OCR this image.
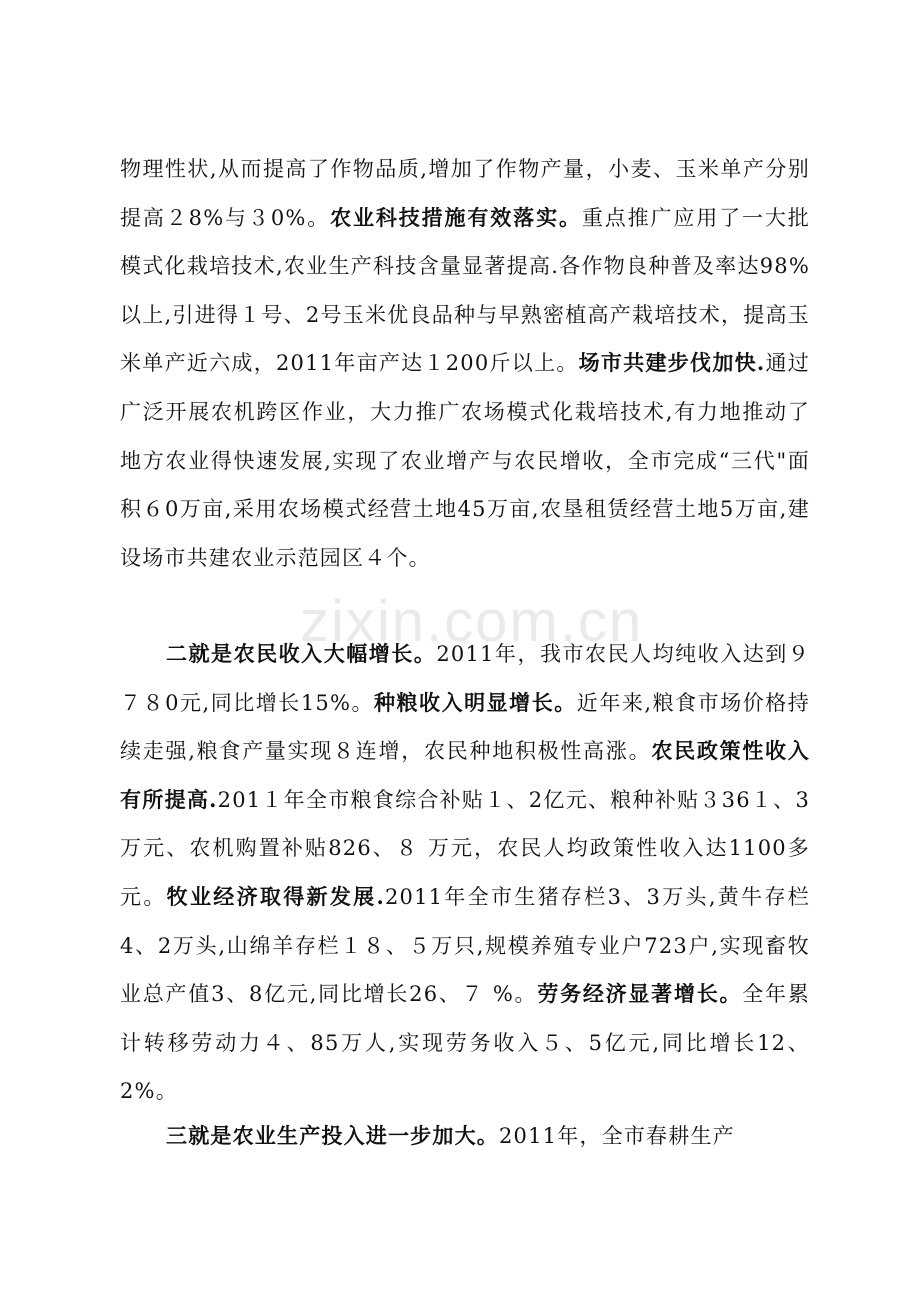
zixin.com.cn

物理性状,从而提高了作物品质,增加了作物产量，小麦、玉米单产分别提高２8%与３0%。农业科技措施有效落实。重点推广应用了一大批模式化栽培技术,农业生产科技含量显著提高.各作物良种普及率达98%以上,引进得１号、2号玉米优良品种与早熟密植高产栽培技术，提高玉米单产近六成，2011年亩产达１200斤以上。场市共建步伐加快.通过广泛开展农机跨区作业，大力推广农场模式化栽培技术,有力地推动了地方农业得快速发展,实现了农业增产与农民增收，全市完成“三代"面积６0万亩,采用农场模式经营土地45万亩,农垦租赁经营土地5万亩,建设场市共建农业示范园区４个。

二就是农民收入大幅增长。2011年，我市农民人均纯收入达到９７８0元,同比增长15%。种粮收入明显增长。近年来,粮食市场价格持续走强,粮食产量实现８连增，农民种地积极性高涨。农民政策性收入有所提高.201１年全市粮食综合补贴１、2亿元、粮种补贴３36１、3万元、农机购置补贴826、８ 万元，农民人均政策性收入达1100多元。牧业经济取得新发展.2011年全市生猪存栏3、3万头,黄牛存栏4、2万头,山绵羊存栏１８、５万只,规模养殖专业户723户,实现畜牧业总产值3、8亿元,同比增长26、７ %。劳务经济显著增长。全年累计转移劳动力４、85万人,实现劳务收入５、5亿元,同比增长12、2%。

三就是农业生产投入进一步加大。2011年，全市春耕生产
